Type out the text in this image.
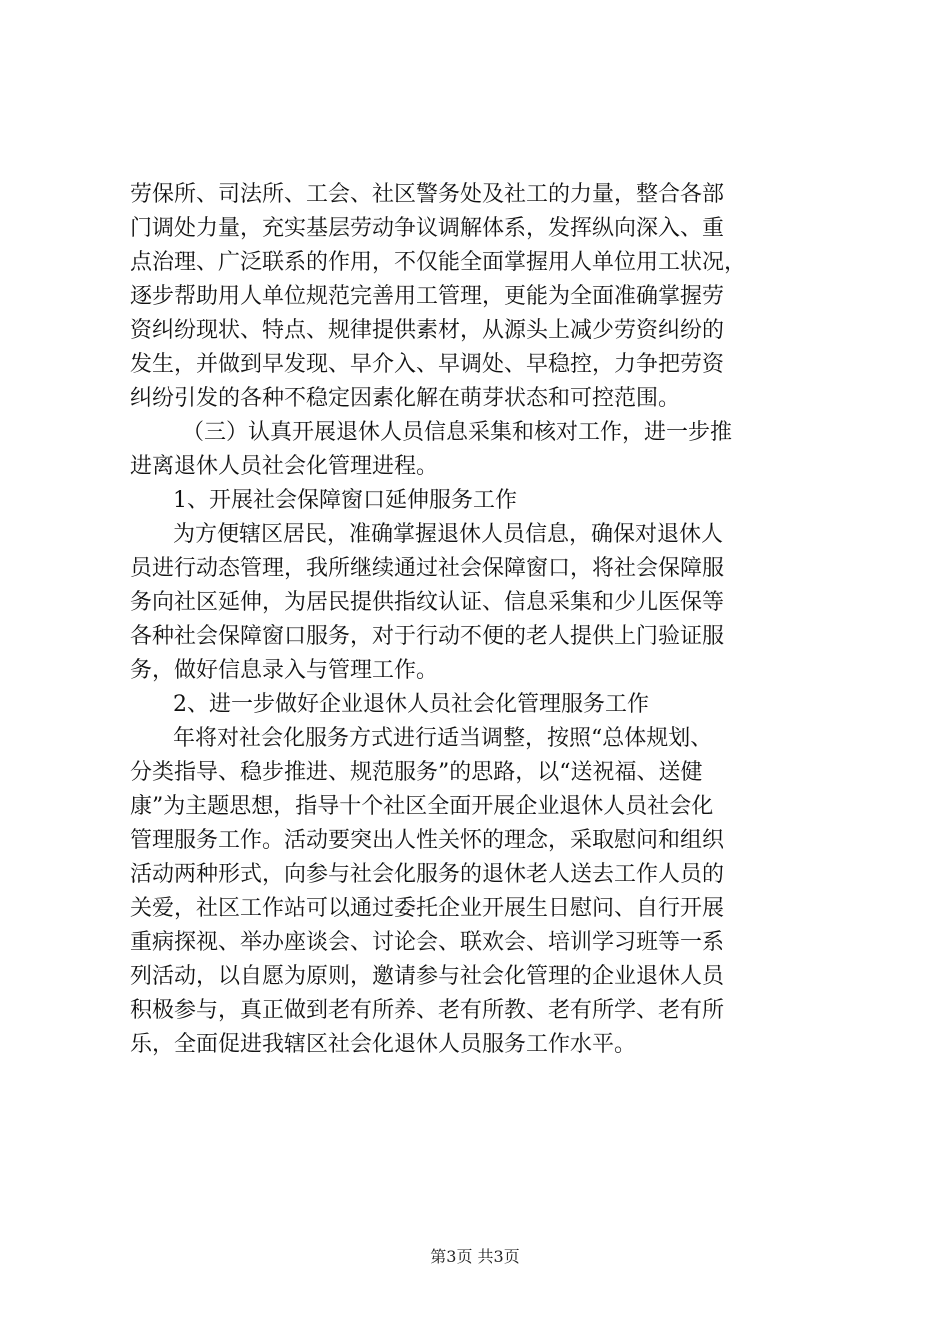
劳保所、司法所、工会、社区警务处及社工的力量，整合各部
门调处力量，充实基层劳动争议调解体系，发挥纵向深入、重
点治理、广泛联系的作用，不仅能全面掌握用人单位用工状况，
逐步帮助用人单位规范完善用工管理，更能为全面准确掌握劳
资纠纷现状、特点、规律提供素材，从源头上减少劳资纠纷的
发生，并做到早发现、早介入、早调处、早稳控，力争把劳资
纠纷引发的各种不稳定因素化解在萌芽状态和可控范围。
（三）认真开展退休人员信息采集和核对工作，进一步推
进离退休人员社会化管理进程。
1、开展社会保障窗口延伸服务工作
为方便辖区居民，准确掌握退休人员信息，确保对退休人
员进行动态管理，我所继续通过社会保障窗口，将社会保障服
务向社区延伸，为居民提供指纹认证、信息采集和少儿医保等
各种社会保障窗口服务，对于行动不便的老人提供上门验证服
务，做好信息录入与管理工作。
2、进一步做好企业退休人员社会化管理服务工作
年将对社会化服务方式进行适当调整，按照“总体规划、
分类指导、稳步推进、规范服务”的思路，以“送祝福、送健
康”为主题思想，指导十个社区全面开展企业退休人员社会化
管理服务工作。活动要突出人性关怀的理念，采取慰问和组织
活动两种形式，向参与社会化服务的退休老人送去工作人员的
关爱，社区工作站可以通过委托企业开展生日慰问、自行开展
重病探视、举办座谈会、讨论会、联欢会、培训学习班等一系
列活动，以自愿为原则，邀请参与社会化管理的企业退休人员
积极参与，真正做到老有所养、老有所教、老有所学、老有所
乐，全面促进我辖区社会化退休人员服务工作水平。
第3页 共3页
